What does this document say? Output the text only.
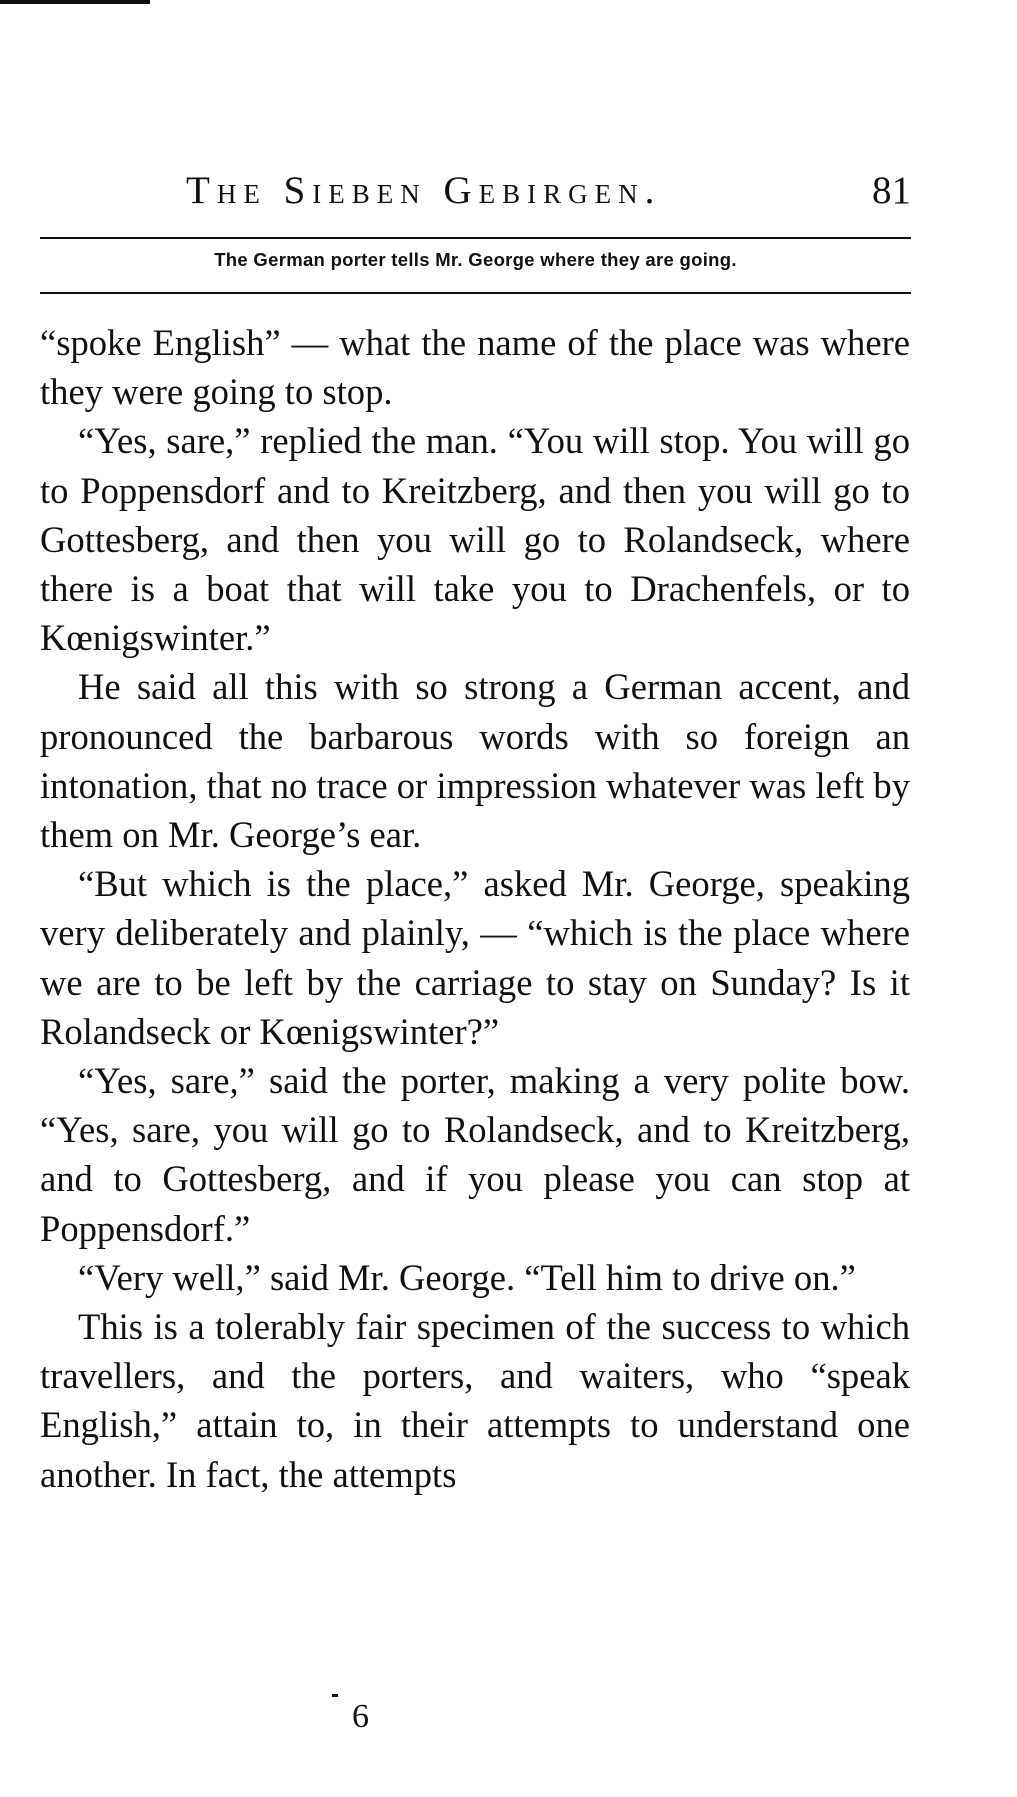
The Sieben Gebirgen.	81
The German porter tells Mr. George where they are going.

“spoke English” — what the name of the place was where they were going to stop.

“Yes, sare,” replied the man. “You will stop. You will go to Poppensdorf and to Kreitzberg, and then you will go to Gottesberg, and then you will go to Rolandseck, where there is a boat that will take you to Drachenfels, or to Kœnigswinter.”

He said all this with so strong a German accent, and pronounced the barbarous words with so foreign an intonation, that no trace or impression whatever was left by them on Mr. George’s ear.

“But which is the place,” asked Mr. George, speaking very deliberately and plainly, — “which is the place where we are to be left by the carriage to stay on Sunday? Is it Rolandseck or Kœnigswinter?”

“Yes, sare,” said the porter, making a very polite bow. “Yes, sare, you will go to Rolandseck, and to Kreitzberg, and to Gottesberg, and if you please you can stop at Poppensdorf.”

“Very well,” said Mr. George. “Tell him to drive on.”

This is a tolerably fair specimen of the success to which travellers, and the porters, and waiters, who “speak English,” attain to, in their attempts to understand one another. In fact, the attempts

6
